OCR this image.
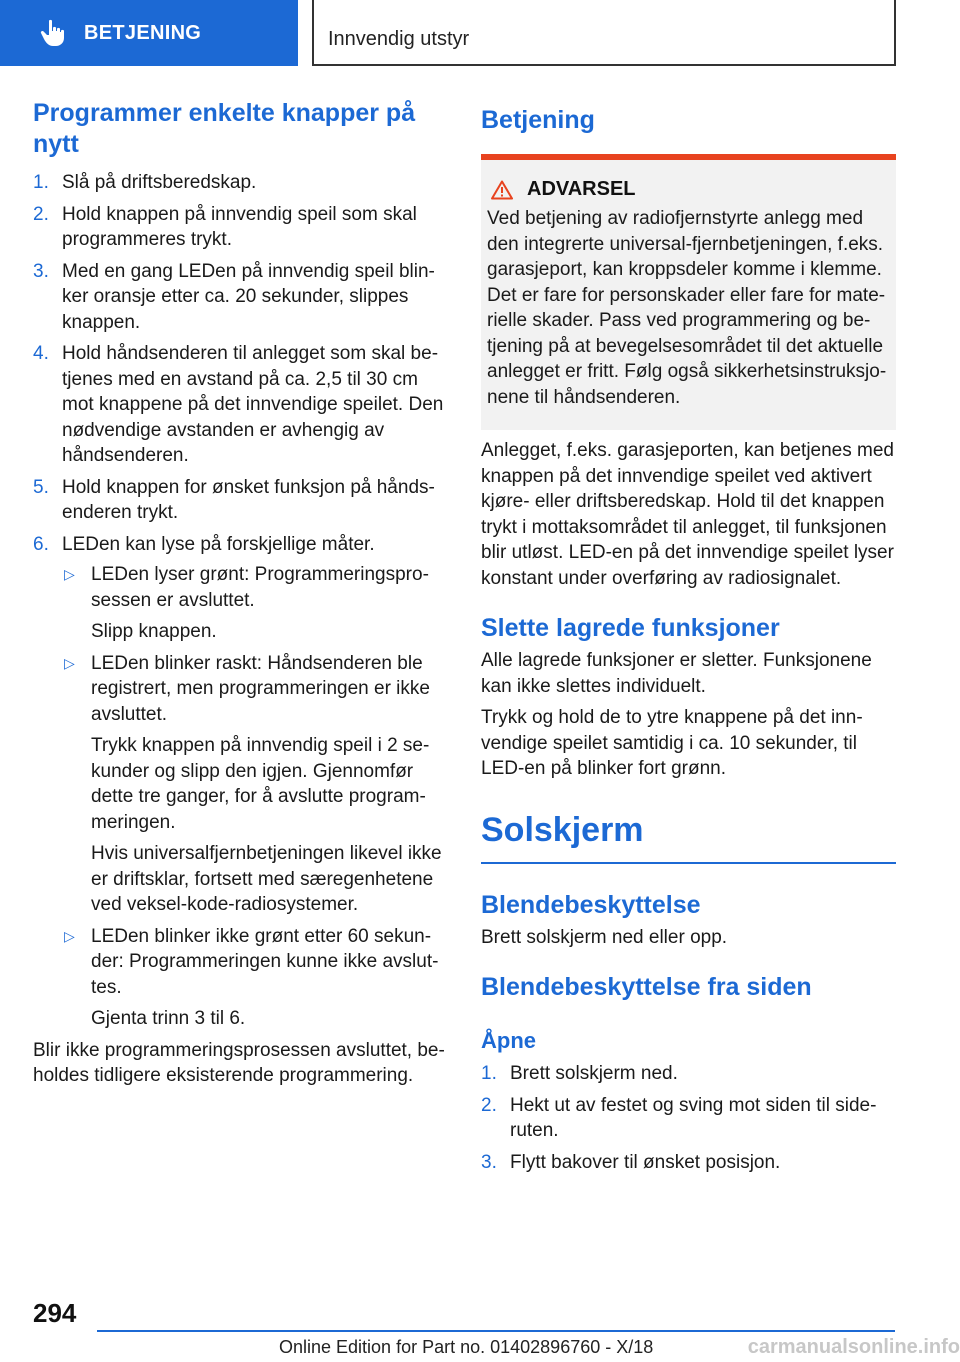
BETJENING	Innvendig utstyr
Programmer enkelte knapper på nytt
1. Slå på driftsberedskap.
2. Hold knappen på innvendig speil som skal programmeres trykt.
3. Med en gang LEDen på innvendig speil blinker oransje etter ca. 20 sekunder, slippes knappen.
4. Hold håndsenderen til anlegget som skal betjenes med en avstand på ca. 2,5 til 30 cm mot knappene på det innvendige speilet. Den nødvendige avstanden er avhengig av håndsenderen.
5. Hold knappen for ønsket funksjon på håndsenderen trykt.
6. LEDen kan lyse på forskjellige måter.
▷ LEDen lyser grønt: Programmeringsprosessen er avsluttet.
Slipp knappen.
▷ LEDen blinker raskt: Håndsenderen ble registrert, men programmeringen er ikke avsluttet.
Trykk knappen på innvendig speil i 2 sekunder og slipp den igjen. Gjennomfør dette tre ganger, for å avslutte programmeringen.
Hvis universalfjernbetjeningen likevel ikke er driftsklar, fortsett med særegenhetene ved veksel-kode-radiosystemer.
▷ LEDen blinker ikke grønt etter 60 sekunder: Programmeringen kunne ikke avsluttes.
Gjenta trinn 3 til 6.

Blir ikke programmeringsprosessen avsluttet, beholdes tidligere eksisterende programmering.

Betjening
ADVARSEL

Ved betjening av radiofjernstyrte anlegg med den integrerte universal-fjernbetjeningen, f.eks. garasjeport, kan kroppsdeler komme i klemme. Det er fare for personskader eller fare for materielle skader. Pass ved programmering og betjening på at bevegelsesområdet til det aktuelle anlegget er fritt. Følg også sikkerhetsinstruksjonene til håndsenderen.

Anlegget, f.eks. garasjeporten, kan betjenes med knappen på det innvendige speilet ved aktivert kjøre- eller driftsberedskap. Hold til det knappen trykt i mottaksområdet til anlegget, til funksjonen blir utløst. LED-en på det innvendige speilet lyser konstant under overføring av radiosignalet.

Slette lagrede funksjoner

Alle lagrede funksjoner er sletter. Funksjonene kan ikke slettes individuelt.

Trykk og hold de to ytre knappene på det innvendige speilet samtidig i ca. 10 sekunder, til LED-en på blinker fort grønn.

Solskjerm
Blendebeskyttelse

Brett solskjerm ned eller opp.

Blendebeskyttelse fra siden
Åpne
1. Brett solskjerm ned.
2. Hekt ut av festet og sving mot siden til sideruten.
3. Flytt bakover til ønsket posisjon.
294
Online Edition for Part no. 01402896760 - X/18	carmanualsonline.info
